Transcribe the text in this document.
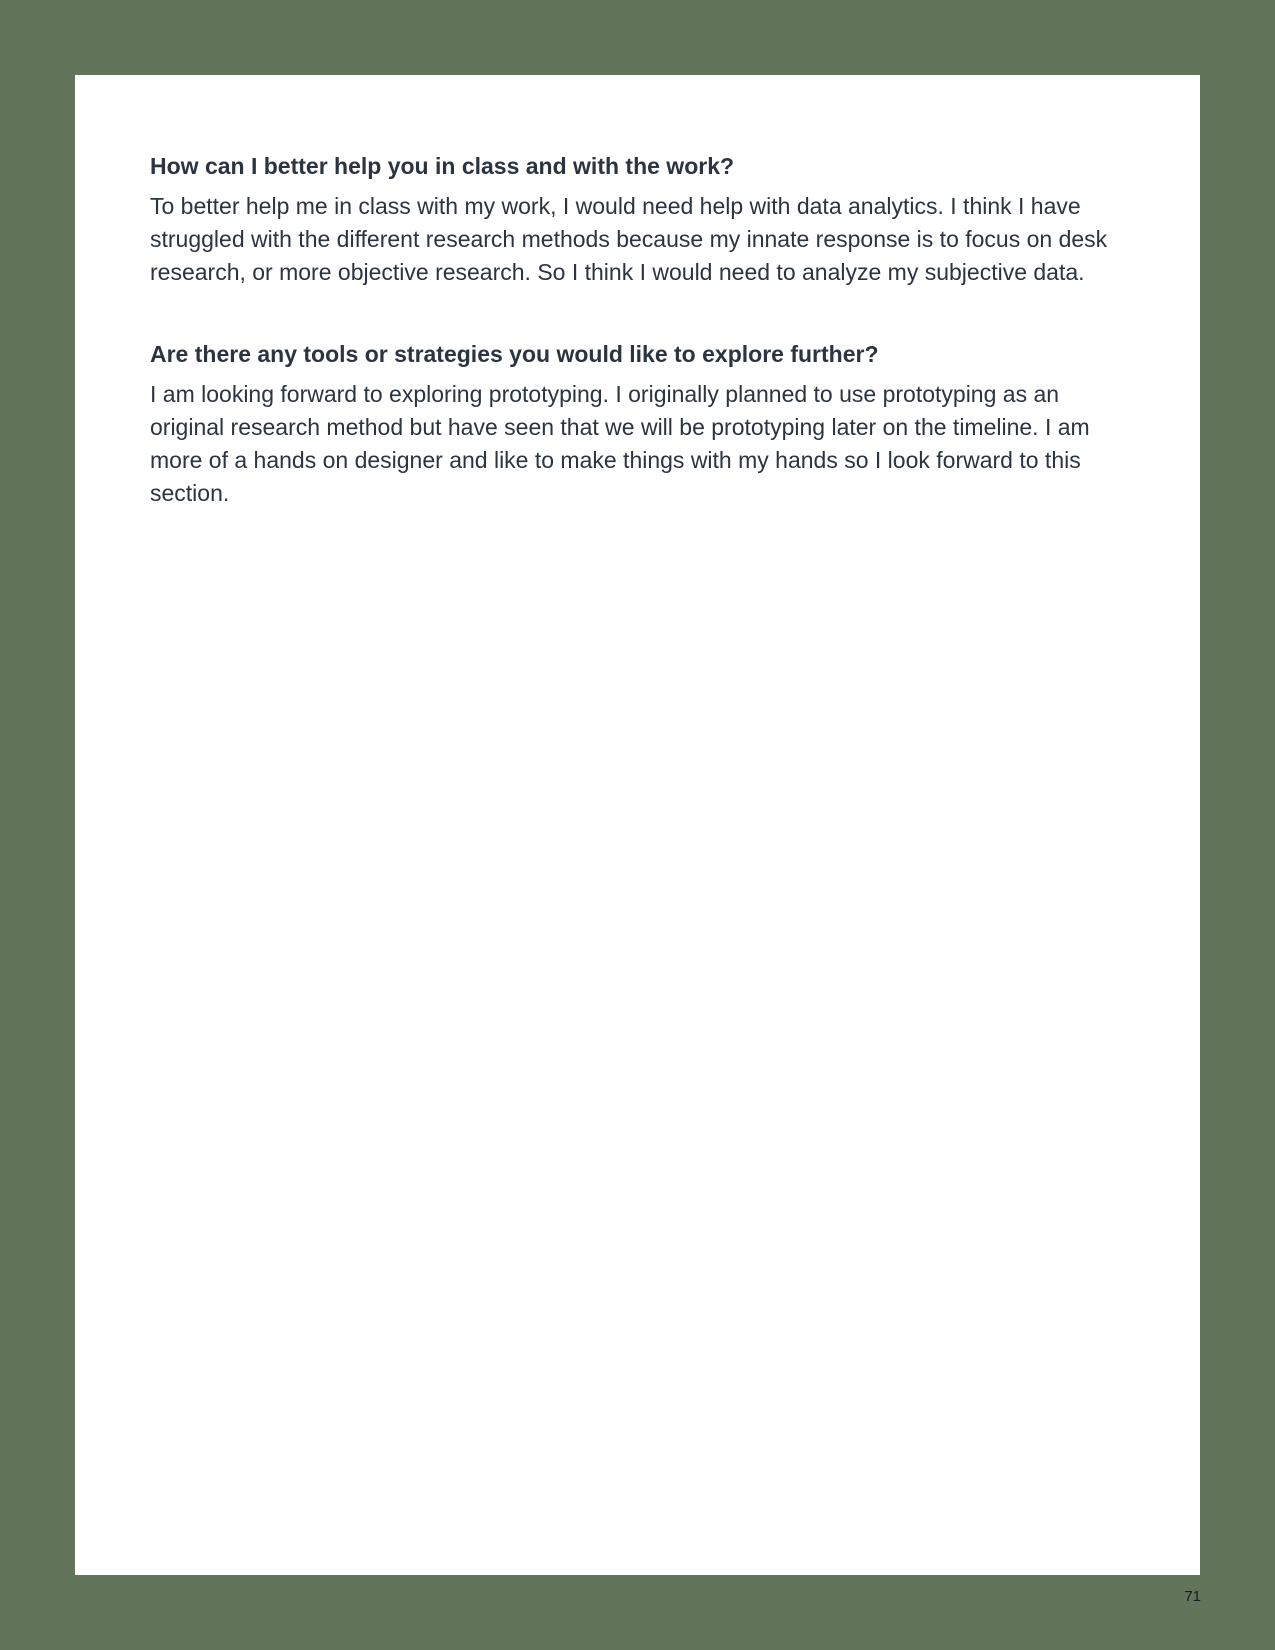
How can I better help you in class and with the work?

To better help me in class with my work, I would need help with data analytics. I think I have struggled with the different research methods because my innate response is to focus on desk research, or more objective research. So I think I would need to analyze my subjective data.

Are there any tools or strategies you would like to explore further?

I am looking forward to exploring prototyping. I originally planned to use prototyping as an original research method but have seen that we will be prototyping later on the timeline. I am more of a hands on designer and like to make things with my hands so I look forward to this section.

71
